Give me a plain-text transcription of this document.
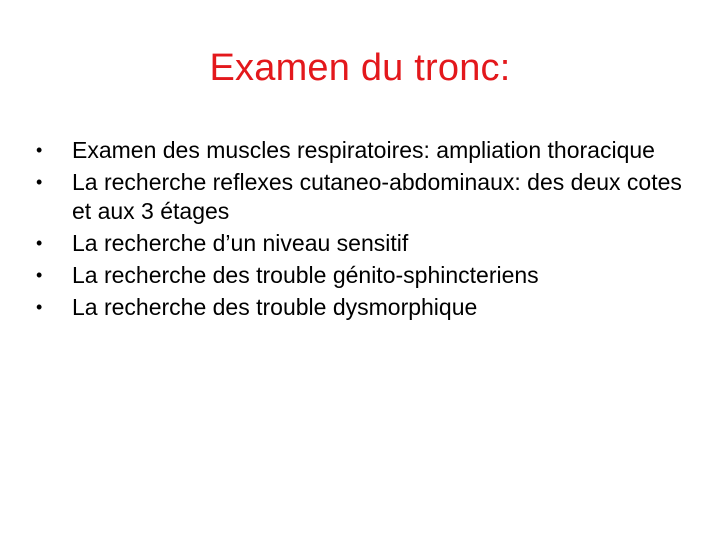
Examen du tronc:
•	Examen des muscles respiratoires: ampliation thoracique
•	La recherche reflexes cutaneo-abdominaux: des deux cotes et aux 3 étages
•	La recherche d’un niveau sensitif
•	La recherche des trouble génito-sphincteriens
•	La recherche des trouble dysmorphique
